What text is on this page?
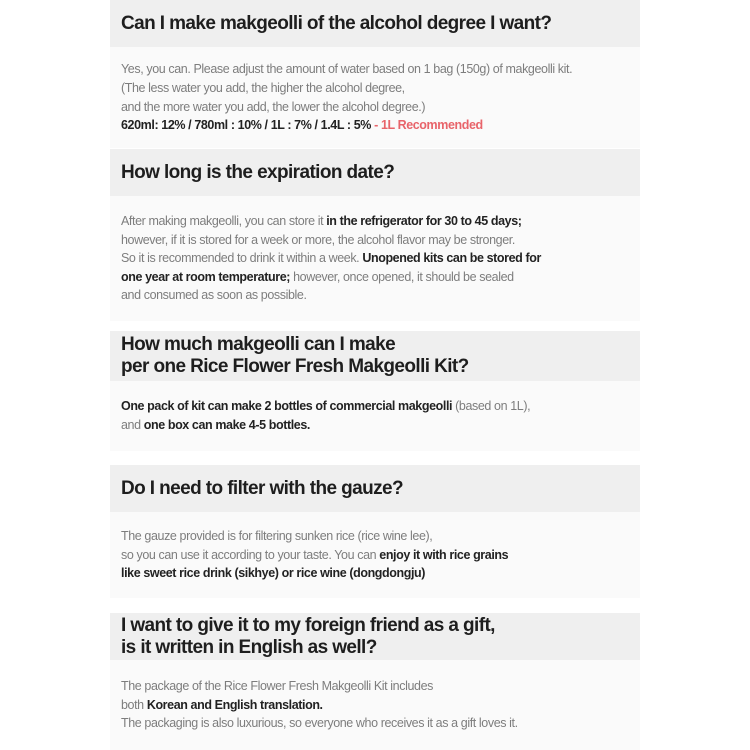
Can I make makgeolli of the alcohol degree I want?
Yes, you can. Please adjust the amount of water based on 1 bag (150g) of makgeolli kit.
(The less water you add, the higher the alcohol degree,
and the more water you add, the lower the alcohol degree.)
620ml: 12% / 780ml : 10% / 1L : 7% / 1.4L : 5% - 1L Recommended
How long is the expiration date?
After making makgeolli, you can store it in the refrigerator for 30 to 45 days;
however, if it is stored for a week or more, the alcohol flavor may be stronger.
So it is recommended to drink it within a week. Unopened kits can be stored for
one year at room temperature; however, once opened, it should be sealed
and consumed as soon as possible.
How much makgeolli can I make
per one Rice Flower Fresh Makgeolli Kit?
One pack of kit can make 2 bottles of commercial makgeolli (based on 1L),
and one box can make 4-5 bottles.
Do I need to filter with the gauze?
The gauze provided is for filtering sunken rice (rice wine lee),
so you can use it according to your taste. You can enjoy it with rice grains
like sweet rice drink (sikhye) or rice wine (dongdongju)
I want to give it to my foreign friend as a gift,
is it written in English as well?
The package of the Rice Flower Fresh Makgeolli Kit includes
both Korean and English translation.
The packaging is also luxurious, so everyone who receives it as a gift loves it.
